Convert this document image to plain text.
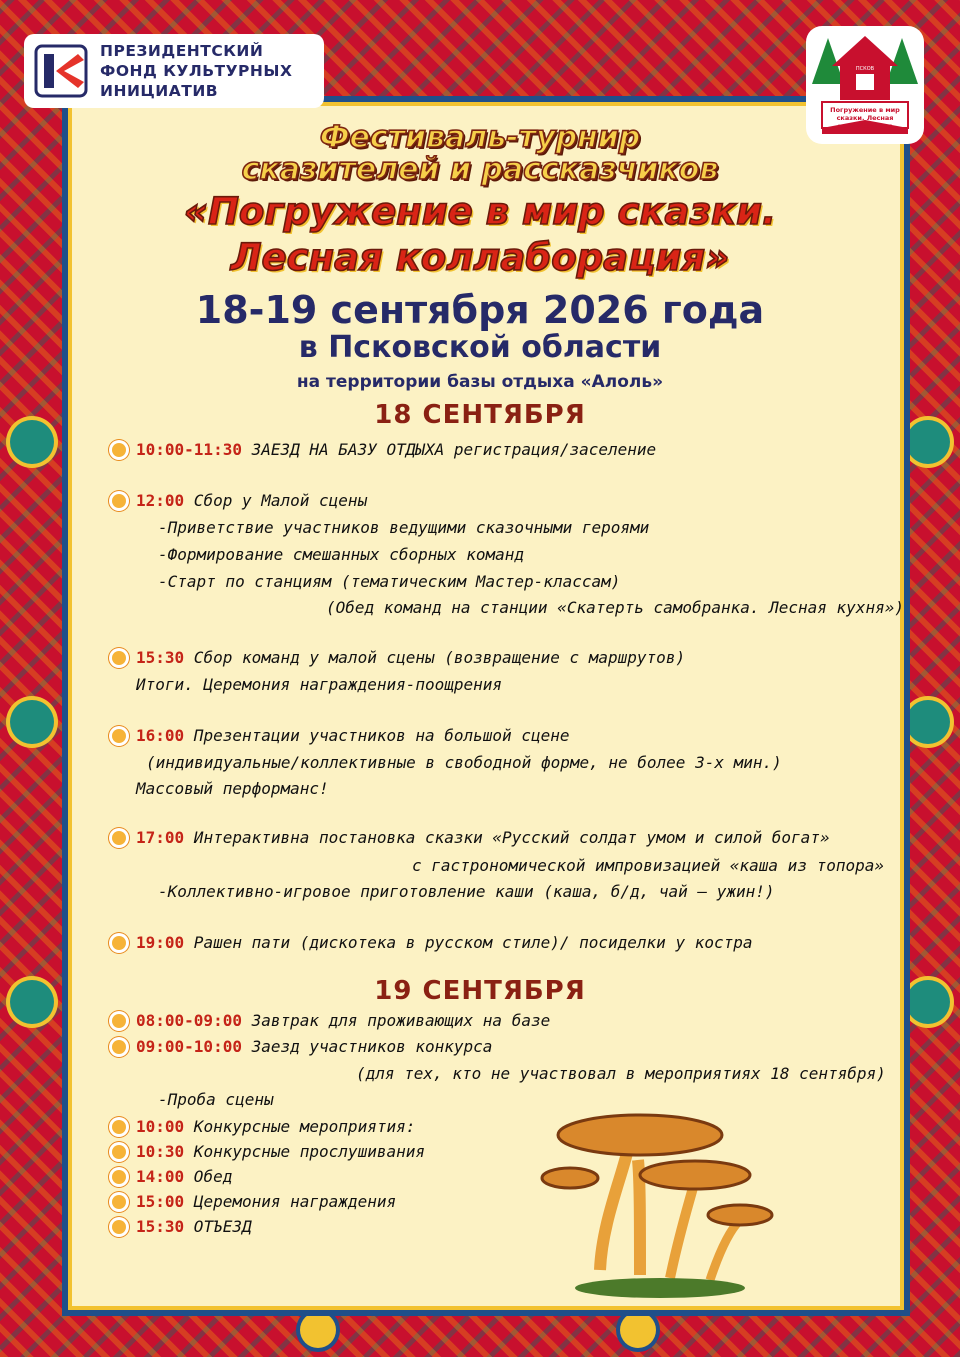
ПРЕЗИДЕНТСКИЙ
ФОНД КУЛЬТУРНЫХ
ИНИЦИАТИВ
ПСКОВ
Погружение в мир сказки. Лесная коллаборация
Фестиваль-турнир
сказителей и рассказчиков
«Погружение в мир сказки.
Лесная коллаборация»
18-19 сентября 2026 года
в Псковской области
на территории базы отдыха «Алоль»
18 СЕНТЯБРЯ
10:00-11:30 ЗАЕЗД НА БАЗУ ОТДЫХА регистрация/заселение
12:00 Сбор у Малой сцены
-Приветствие участников ведущими сказочными героями
-Формирование смешанных сборных команд
-Старт по станциям (тематическим Мастер-классам)
(Обед команд на станции «Скатерть самобранка. Лесная кухня»)
15:30 Сбор команд у малой сцены (возвращение с маршрутов)
Итоги. Церемония награждения-поощрения
16:00 Презентации участников на большой сцене
(индивидуальные/коллективные в свободной форме, не более 3-х мин.)
Массовый перформанс!
17:00 Интерактивна постановка сказки «Русский солдат умом и силой богат»
с гастрономической импровизацией «каша из топора»
-Коллективно-игровое приготовление каши (каша, б/д, чай – ужин!)
19:00 Рашен пати (дискотека в русском стиле)/ посиделки у костра
19 СЕНТЯБРЯ
08:00-09:00 Завтрак для проживающих на базе
09:00-10:00 Заезд участников конкурса
(для тех, кто не участвовал в мероприятиях 18 сентября)
-Проба сцены
10:00 Конкурсные мероприятия:
10:30 Конкурсные прослушивания
14:00 Обед
15:00 Церемония награждения
15:30 ОТЪЕЗД
